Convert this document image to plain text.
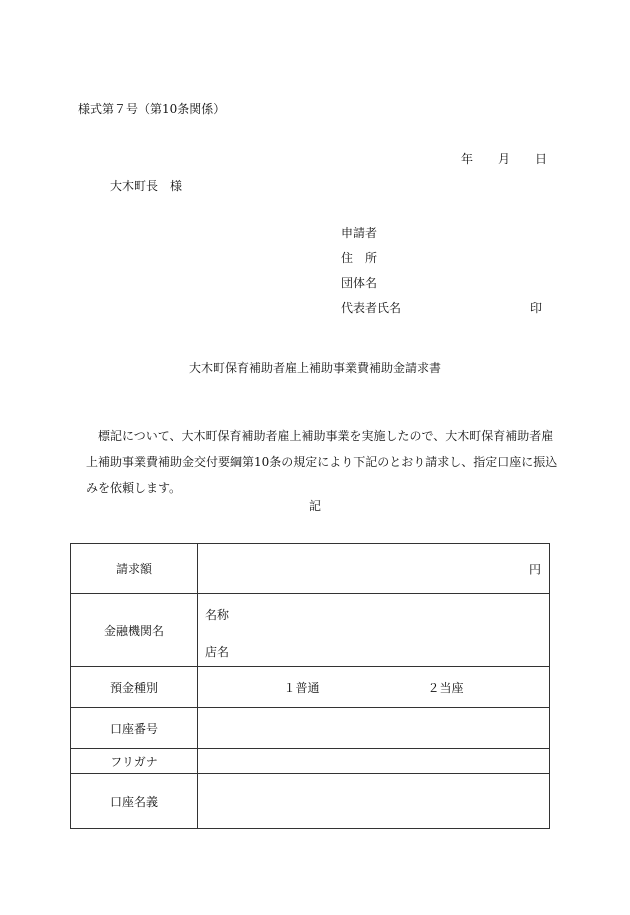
様式第７号（第10条関係）
年 月 日
大木町長　様
申請者
住　所
団体名
代表者氏名	印
大木町保育補助者雇上補助事業費補助金請求書
標記について、大木町保育補助者雇上補助事業を実施したので、大木町保育補助者雇上補助事業費補助金交付要綱第10条の規定により下記のとおり請求し、指定口座に振込みを依頼します。
記
請求額	円

金融機関名	名称
店名

預金種別	１普通 ２当座

口座番号	
フリガナ	
口座名義	
